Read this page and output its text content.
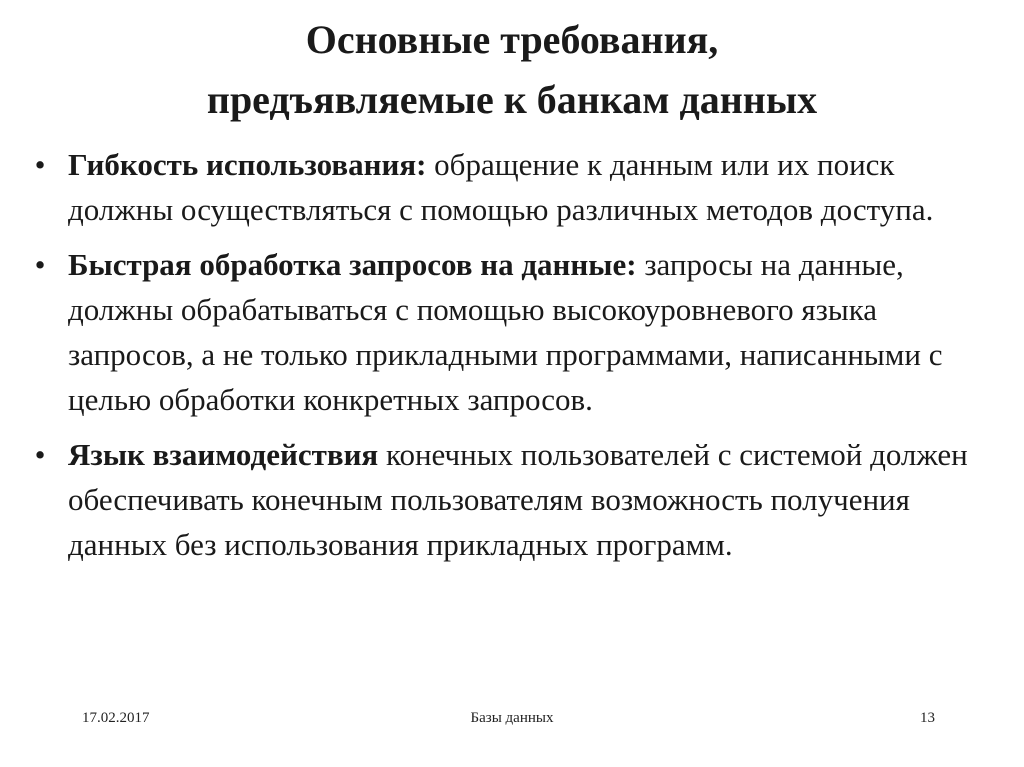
Основные требования,
предъявляемые к банкам данных
• Гибкость использования: обращение к данным или их поиск должны осуществляться с помощью различных методов доступа.
• Быстрая обработка запросов на данные: запросы на данные, должны обрабатываться с помощью высокоуровневого языка запросов, а не только прикладными программами, написанными с целью обработки конкретных запросов.
• Язык взаимодействия конечных пользователей с системой должен обеспечивать конечным пользователям возможность получения данных без использования прикладных программ.
17.02.2017	Базы данных	13
